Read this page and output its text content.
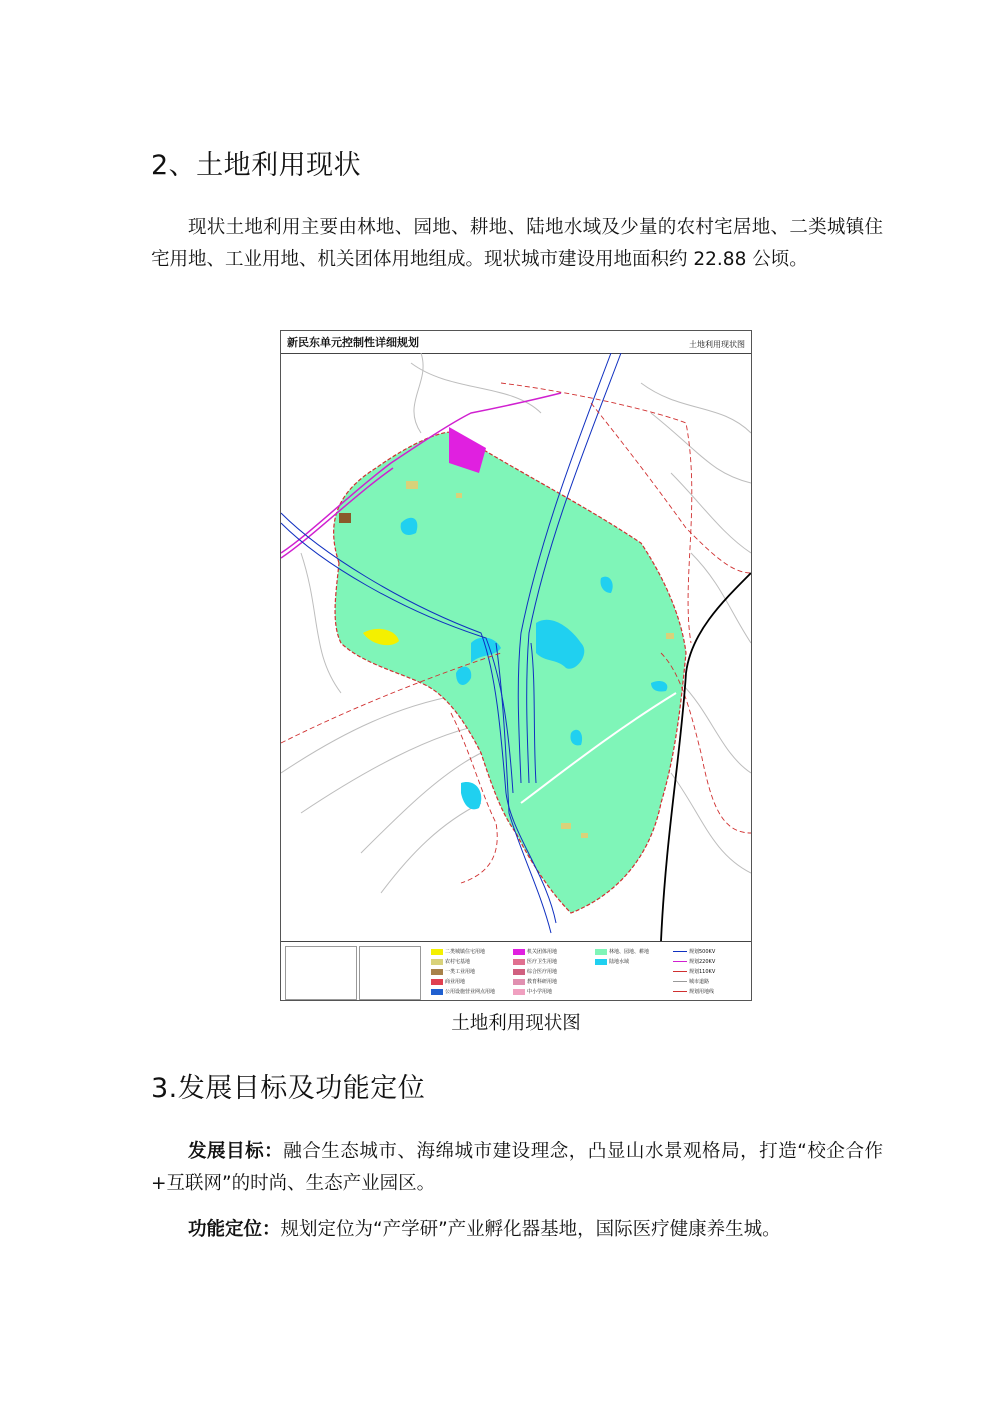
2、土地利用现状

现状土地利用主要由林地、园地、耕地、陆地水域及少量的农村宅居地、二类城镇住宅用地、工业用地、机关团体用地组成。现状城市建设用地面积约 22.88 公顷。

新民东单元控制性详细规划	土地利用现状图
二类城镇住宅用地
农村宅基地
一类工业用地
商业用地
公用设施营业网点用地
机关团体用地
医疗卫生用地
综合医疗用地
教育科研用地
中小学用地
林地、园地、耕地
陆地水域
规划500KV
规划220KV
规划110KV
城市道路
规划用地线
土地利用现状图
3.发展目标及功能定位

发展目标：融合生态城市、海绵城市建设理念，凸显山水景观格局，打造“校企合作+互联网”的时尚、生态产业园区。

功能定位：规划定位为“产学研”产业孵化器基地，国际医疗健康养生城。
